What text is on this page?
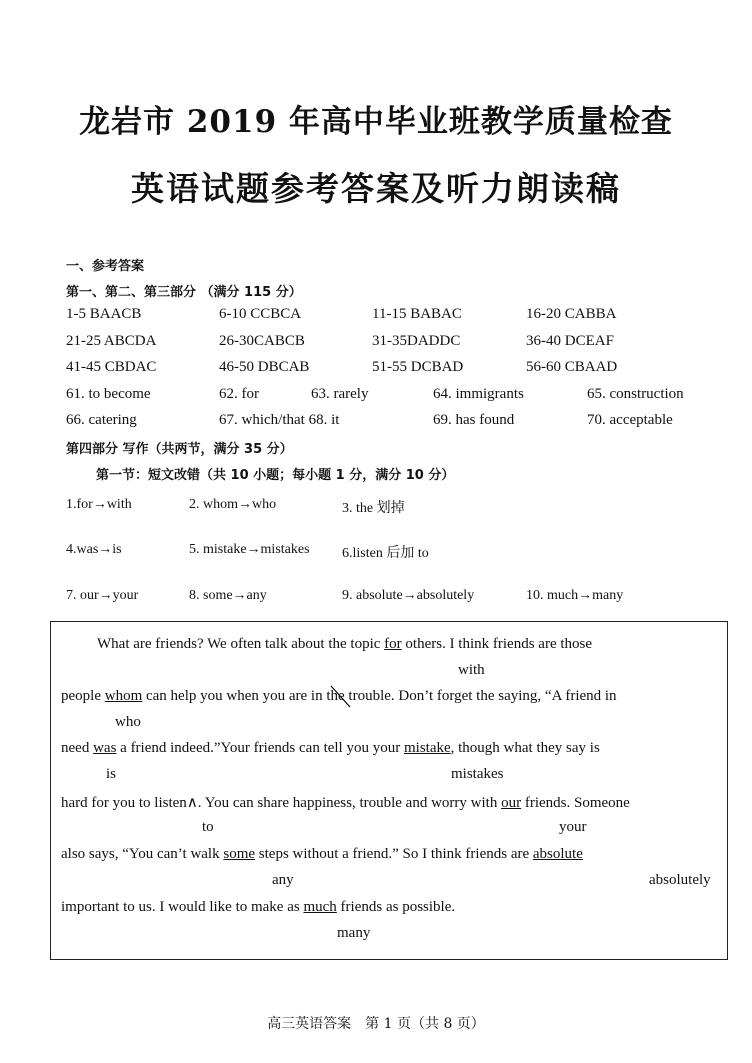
龙岩市 2019 年高中毕业班教学质量检查
英语试题参考答案及听力朗读稿
一、参考答案
第一、第二、第三部分 （满分 115 分）
1-5 BAACB	6-10 CCBCA	11-15 BABAC	16-20 CABBA
21-25 ABCDA	26-30CABCB	31-35DADDC	36-40 DCEAF
41-45 CBDAC	46-50 DBCAB	51-55 DCBAD	56-60 CBAAD
61. to become	62. for	63. rarely	64. immigrants	65. construction
66. catering	67. which/that 68. it	69. has found	70. acceptable
第四部分 写作（共两节，满分 35 分）
第一节：短文改错（共 10 小题；每小题 1 分，满分 10 分）
1.for→with	2. whom→who	3. the 划掉
4.was→is	5. mistake→mistakes 6.listen 后加 to
7. our→your	8. some→any	9. absolute→absolutely	10. much→many
What are friends? We often talk about the topic for others. I think friends are those
with
people whom can help you when you are in the
trouble. Don’t forget the saying, “A friend in
who
need was a friend indeed.”Your friends can tell you your mistake, though what they say is
is	mistakes
hard for you to listen∧. You can share happiness, trouble and worry with our friends. Someone
to	your
also says, “You can’t walk some steps without a friend.” So I think friends are absolute
any	absolutely
important to us. I would like to make as much friends as possible.
many
高三英语答案　第 1 页（共 8 页）
